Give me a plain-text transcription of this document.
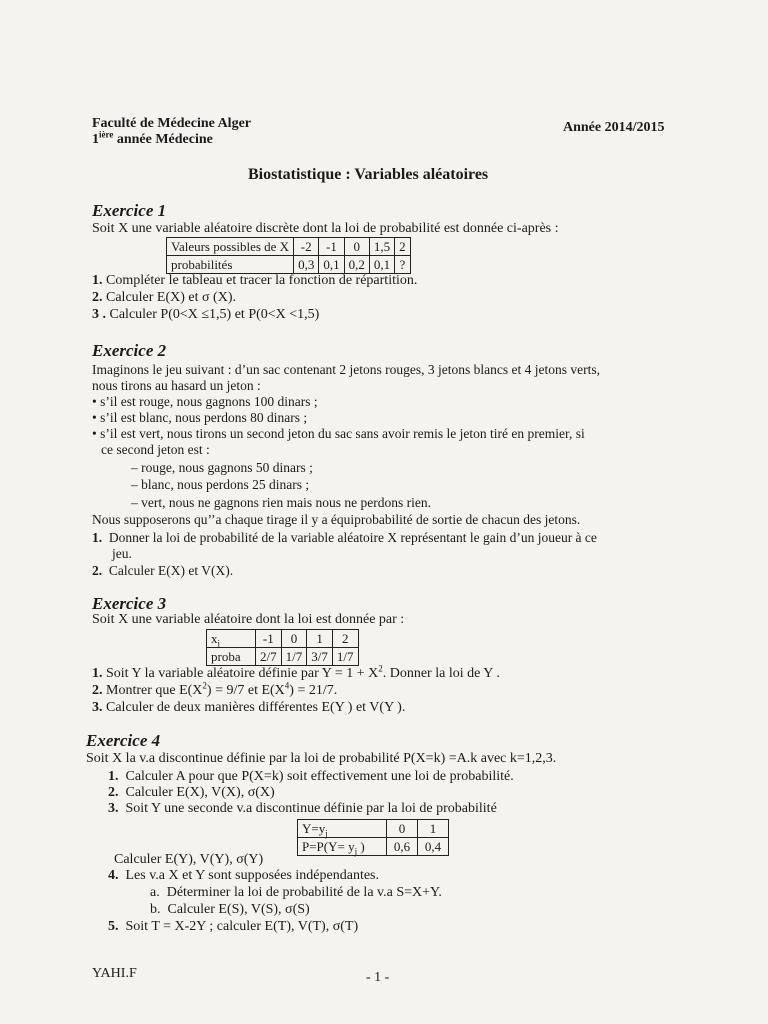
Faculté de Médecine Alger
$1^{ière}$ année Médecine
Année 2014/2015
Biostatistique : Variables aléatoires
Exercice 1
Soit X une variable aléatoire discrète dont la loi de probabilité est donnée ci-après :
Valeurs possibles de X	-2	-1	0	1,5	2
probabilités	0,3	0,1	0,2	0,1	?
1. Compléter le tableau et tracer la fonction de répartition.
2. Calculer E(X) et σ (X).
3 . Calculer P(0<X ≤1,5) et P(0<X <1,5)
Exercice 2
Imaginons le jeu suivant : d’un sac contenant 2 jetons rouges, 3 jetons blancs et 4 jetons verts,
nous tirons au hasard un jeton :
• s’il est rouge, nous gagnons 100 dinars ;
• s’il est blanc, nous perdons 80 dinars ;
• s’il est vert, nous tirons un second jeton du sac sans avoir remis le jeton tiré en premier, si
ce second jeton est :
– rouge, nous gagnons 50 dinars ;
– blanc, nous perdons 25 dinars ;
– vert, nous ne gagnons rien mais nous ne perdons rien.
Nous supposerons qu’’a chaque tirage il y a équiprobabilité de sortie de chacun des jetons.
1. Donner la loi de probabilité de la variable aléatoire X représentant le gain d’un joueur à ce
jeu.
2. Calculer E(X) et V(X).
Exercice 3
Soit X une variable aléatoire dont la loi est donnée par :
$x_i$	-1	0	1	2
proba	2/7	1/7	3/7	1/7
1. Soit Y la variable aléatoire définie par $Y = 1 + X^2$. Donner la loi de Y .
2. Montrer que $E(X^2) = 9/7$ et $E(X^4) = 21/7$.
3. Calculer de deux manières différentes E(Y ) et V(Y ).
Exercice 4
Soit X la v.a discontinue définie par la loi de probabilité P(X=k) =A.k avec k=1,2,3.
1. Calculer A pour que P(X=k) soit effectivement une loi de probabilité.
2. Calculer E(X), V(X), σ(X)
3. Soit Y une seconde v.a discontinue définie par la loi de probabilité
$Y=y_j$	0	1
$P=P(Y= y_j$ )	0,6	0,4
Calculer E(Y), V(Y), σ(Y)
4. Les v.a X et Y sont supposées indépendantes.
a. Déterminer la loi de probabilité de la v.a S=X+Y.
b. Calculer E(S), V(S), σ(S)
5. Soit T = X-2Y ; calculer E(T), V(T), σ(T)
YAHI.F	- 1 -
